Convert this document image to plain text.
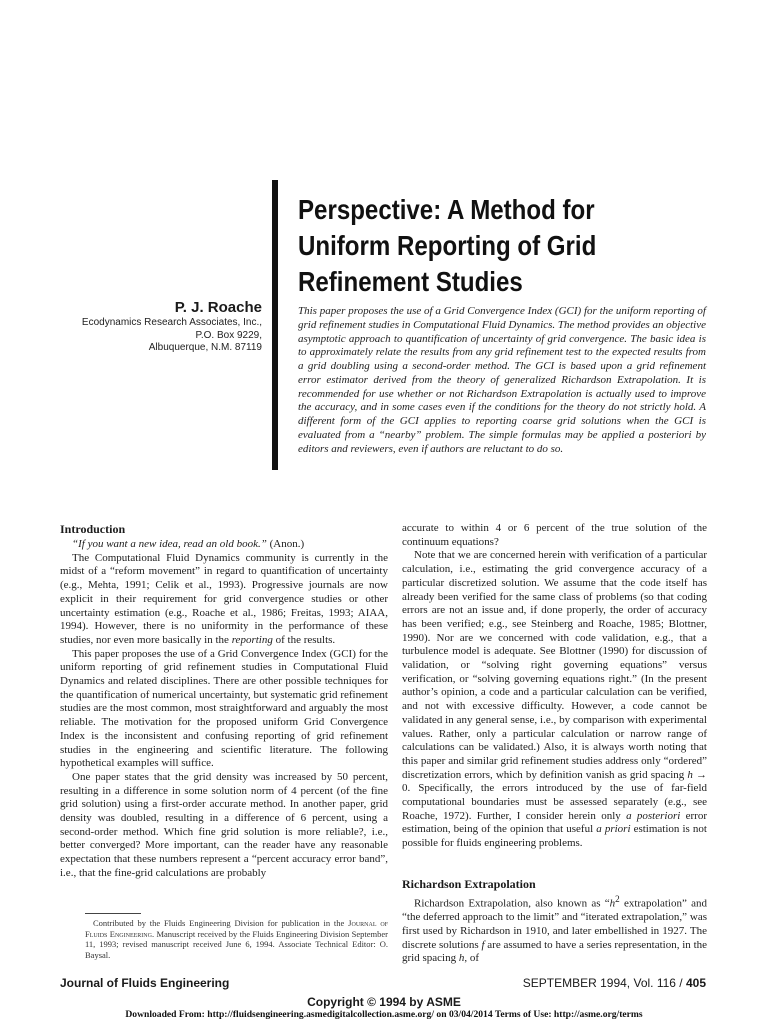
Perspective: A Method for
Uniform Reporting of Grid
Refinement Studies
P. J. Roache
Ecodynamics Research Associates, Inc.,
P.O. Box 9229,
Albuquerque, N.M. 87119
This paper proposes the use of a Grid Convergence Index (GCI) for the uniform reporting of grid refinement studies in Computational Fluid Dynamics. The method provides an objective asymptotic approach to quantification of uncertainty of grid convergence. The basic idea is to approximately relate the results from any grid refinement test to the expected results from a grid doubling using a second-order method. The GCI is based upon a grid refinement error estimator derived from the theory of generalized Richardson Extrapolation. It is recommended for use whether or not Richardson Extrapolation is actually used to improve the accuracy, and in some cases even if the conditions for the theory do not strictly hold. A different form of the GCI applies to reporting coarse grid solutions when the GCI is evaluated from a “nearby” problem. The simple formulas may be applied a posteriori by editors and reviewers, even if authors are reluctant to do so.
Introduction

“If you want a new idea, read an old book.” (Anon.)

The Computational Fluid Dynamics community is currently in the midst of a “reform movement” in regard to quantification of uncertainty (e.g., Mehta, 1991; Celik et al., 1993). Progressive journals are now explicit in their requirement for grid convergence studies or other uncertainty estimation (e.g., Roache et al., 1986; Freitas, 1993; AIAA, 1994). However, there is no uniformity in the performance of these studies, nor even more basically in the reporting of the results.

This paper proposes the use of a Grid Convergence Index (GCI) for the uniform reporting of grid refinement studies in Computational Fluid Dynamics and related disciplines. There are other possible techniques for the quantification of numerical uncertainty, but systematic grid refinement studies are the most common, most straightforward and arguably the most reliable. The motivation for the proposed uniform Grid Convergence Index is the inconsistent and confusing reporting of grid refinement studies in the engineering and scientific literature. The following hypothetical examples will suffice.

One paper states that the grid density was increased by 50 percent, resulting in a difference in some solution norm of 4 percent (of the fine grid solution) using a first-order accurate method. In another paper, grid density was doubled, resulting in a difference of 6 percent, using a second-order method. Which fine grid solution is more reliable?, i.e., better converged? More important, can the reader have any reasonable expectation that these numbers represent a “percent accuracy error band”, i.e., that the fine-grid calculations are probably

accurate to within 4 or 6 percent of the true solution of the continuum equations?

Note that we are concerned herein with verification of a particular calculation, i.e., estimating the grid convergence accuracy of a particular discretized solution. We assume that the code itself has already been verified for the same class of problems (so that coding errors are not an issue and, if done properly, the order of accuracy has been verified; e.g., see Steinberg and Roache, 1985; Blottner, 1990). Nor are we concerned with code validation, e.g., that a turbulence model is adequate. See Blottner (1990) for discussion of validation, or “solving right governing equations” versus verification, or “solving governing equations right.” (In the present author’s opinion, a code and a particular calculation can be verified, and not with excessive difficulty. However, a code cannot be validated in any general sense, i.e., by comparison with experimental values. Rather, only a particular calculation or narrow range of calculations can be validated.) Also, it is always worth noting that this paper and similar grid refinement studies address only “ordered” discretization errors, which by definition vanish as grid spacing h → 0. Specifically, the errors introduced by the use of far-field computational boundaries must be assessed separately (e.g., see Roache, 1972). Further, I consider herein only a posteriori error estimation, being of the opinion that useful a priori estimation is not possible for fluids engineering problems.

Richardson Extrapolation

Richardson Extrapolation, also known as “$h^2$ extrapolation” and “the deferred approach to the limit” and “iterated extrapolation,” was first used by Richardson in 1910, and later embellished in 1927. The discrete solutions f are assumed to have a series representation, in the grid spacing h, of

Contributed by the Fluids Engineering Division for publication in the Journal of Fluids Engineering. Manuscript received by the Fluids Engineering Division September 11, 1993; revised manuscript received June 6, 1994. Associate Technical Editor: O. Baysal.
Journal of Fluids Engineering	SEPTEMBER 1994, Vol. 116 / 405
Copyright © 1994 by ASME
Downloaded From: http://fluidsengineering.asmedigitalcollection.asme.org/ on 03/04/2014 Terms of Use: http://asme.org/terms
